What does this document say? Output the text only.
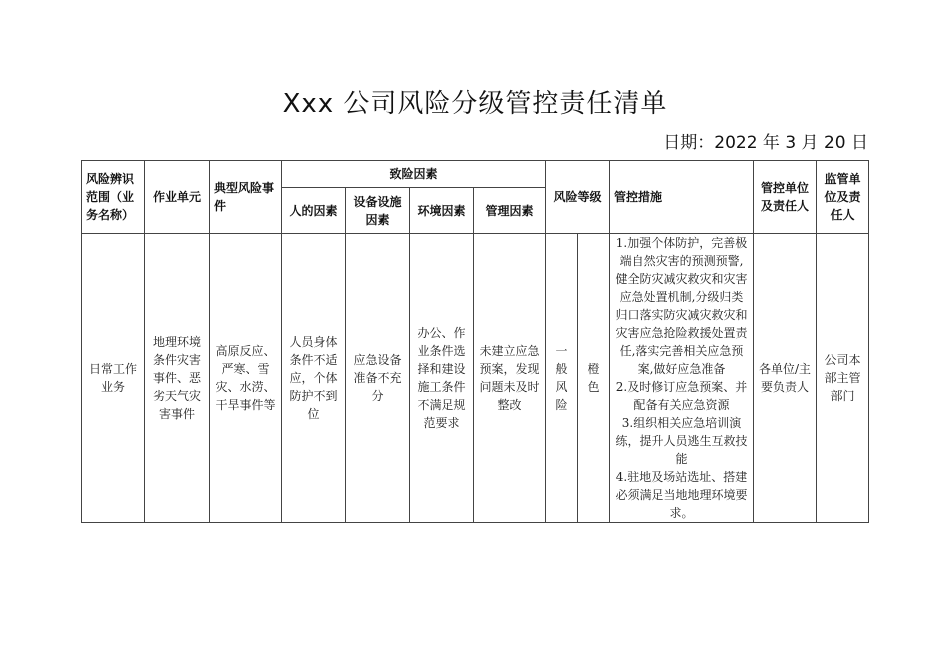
Xxx 公司风险分级管控责任清单
日期：2022 年 3 月 20 日
风险辨识范围（业务名称）	作业单元	典型风险事件	致险因素				风险等级		管控措施	管控单位及责任人	监管单位及责任人
			人的因素	设备设施因素	环境因素	管理因素					
日常工作业务	地理环境条件灾害事件、恶劣天气灾害事件	高原反应、严寒、雪灾、水涝、干旱事件等	人员身体条件不适应，个体防护不到位	应急设备准备不充分	办公、作业条件选择和建设施工条件不满足规范要求	未建立应急预案，发现问题未及时整改	一般风险	橙色	1.加强个体防护，完善极端自然灾害的预测预警,健全防灾减灾救灾和灾害应急处置机制,分级归类归口落实防灾减灾救灾和灾害应急抢险救援处置责任,落实完善相关应急预案,做好应急准备
2.及时修订应急预案、并配备有关应急资源
3.组织相关应急培训演练，提升人员逃生互救技能
4.驻地及场站选址、搭建必须满足当地地理环境要求。	各单位/主要负责人	公司本部主管部门
